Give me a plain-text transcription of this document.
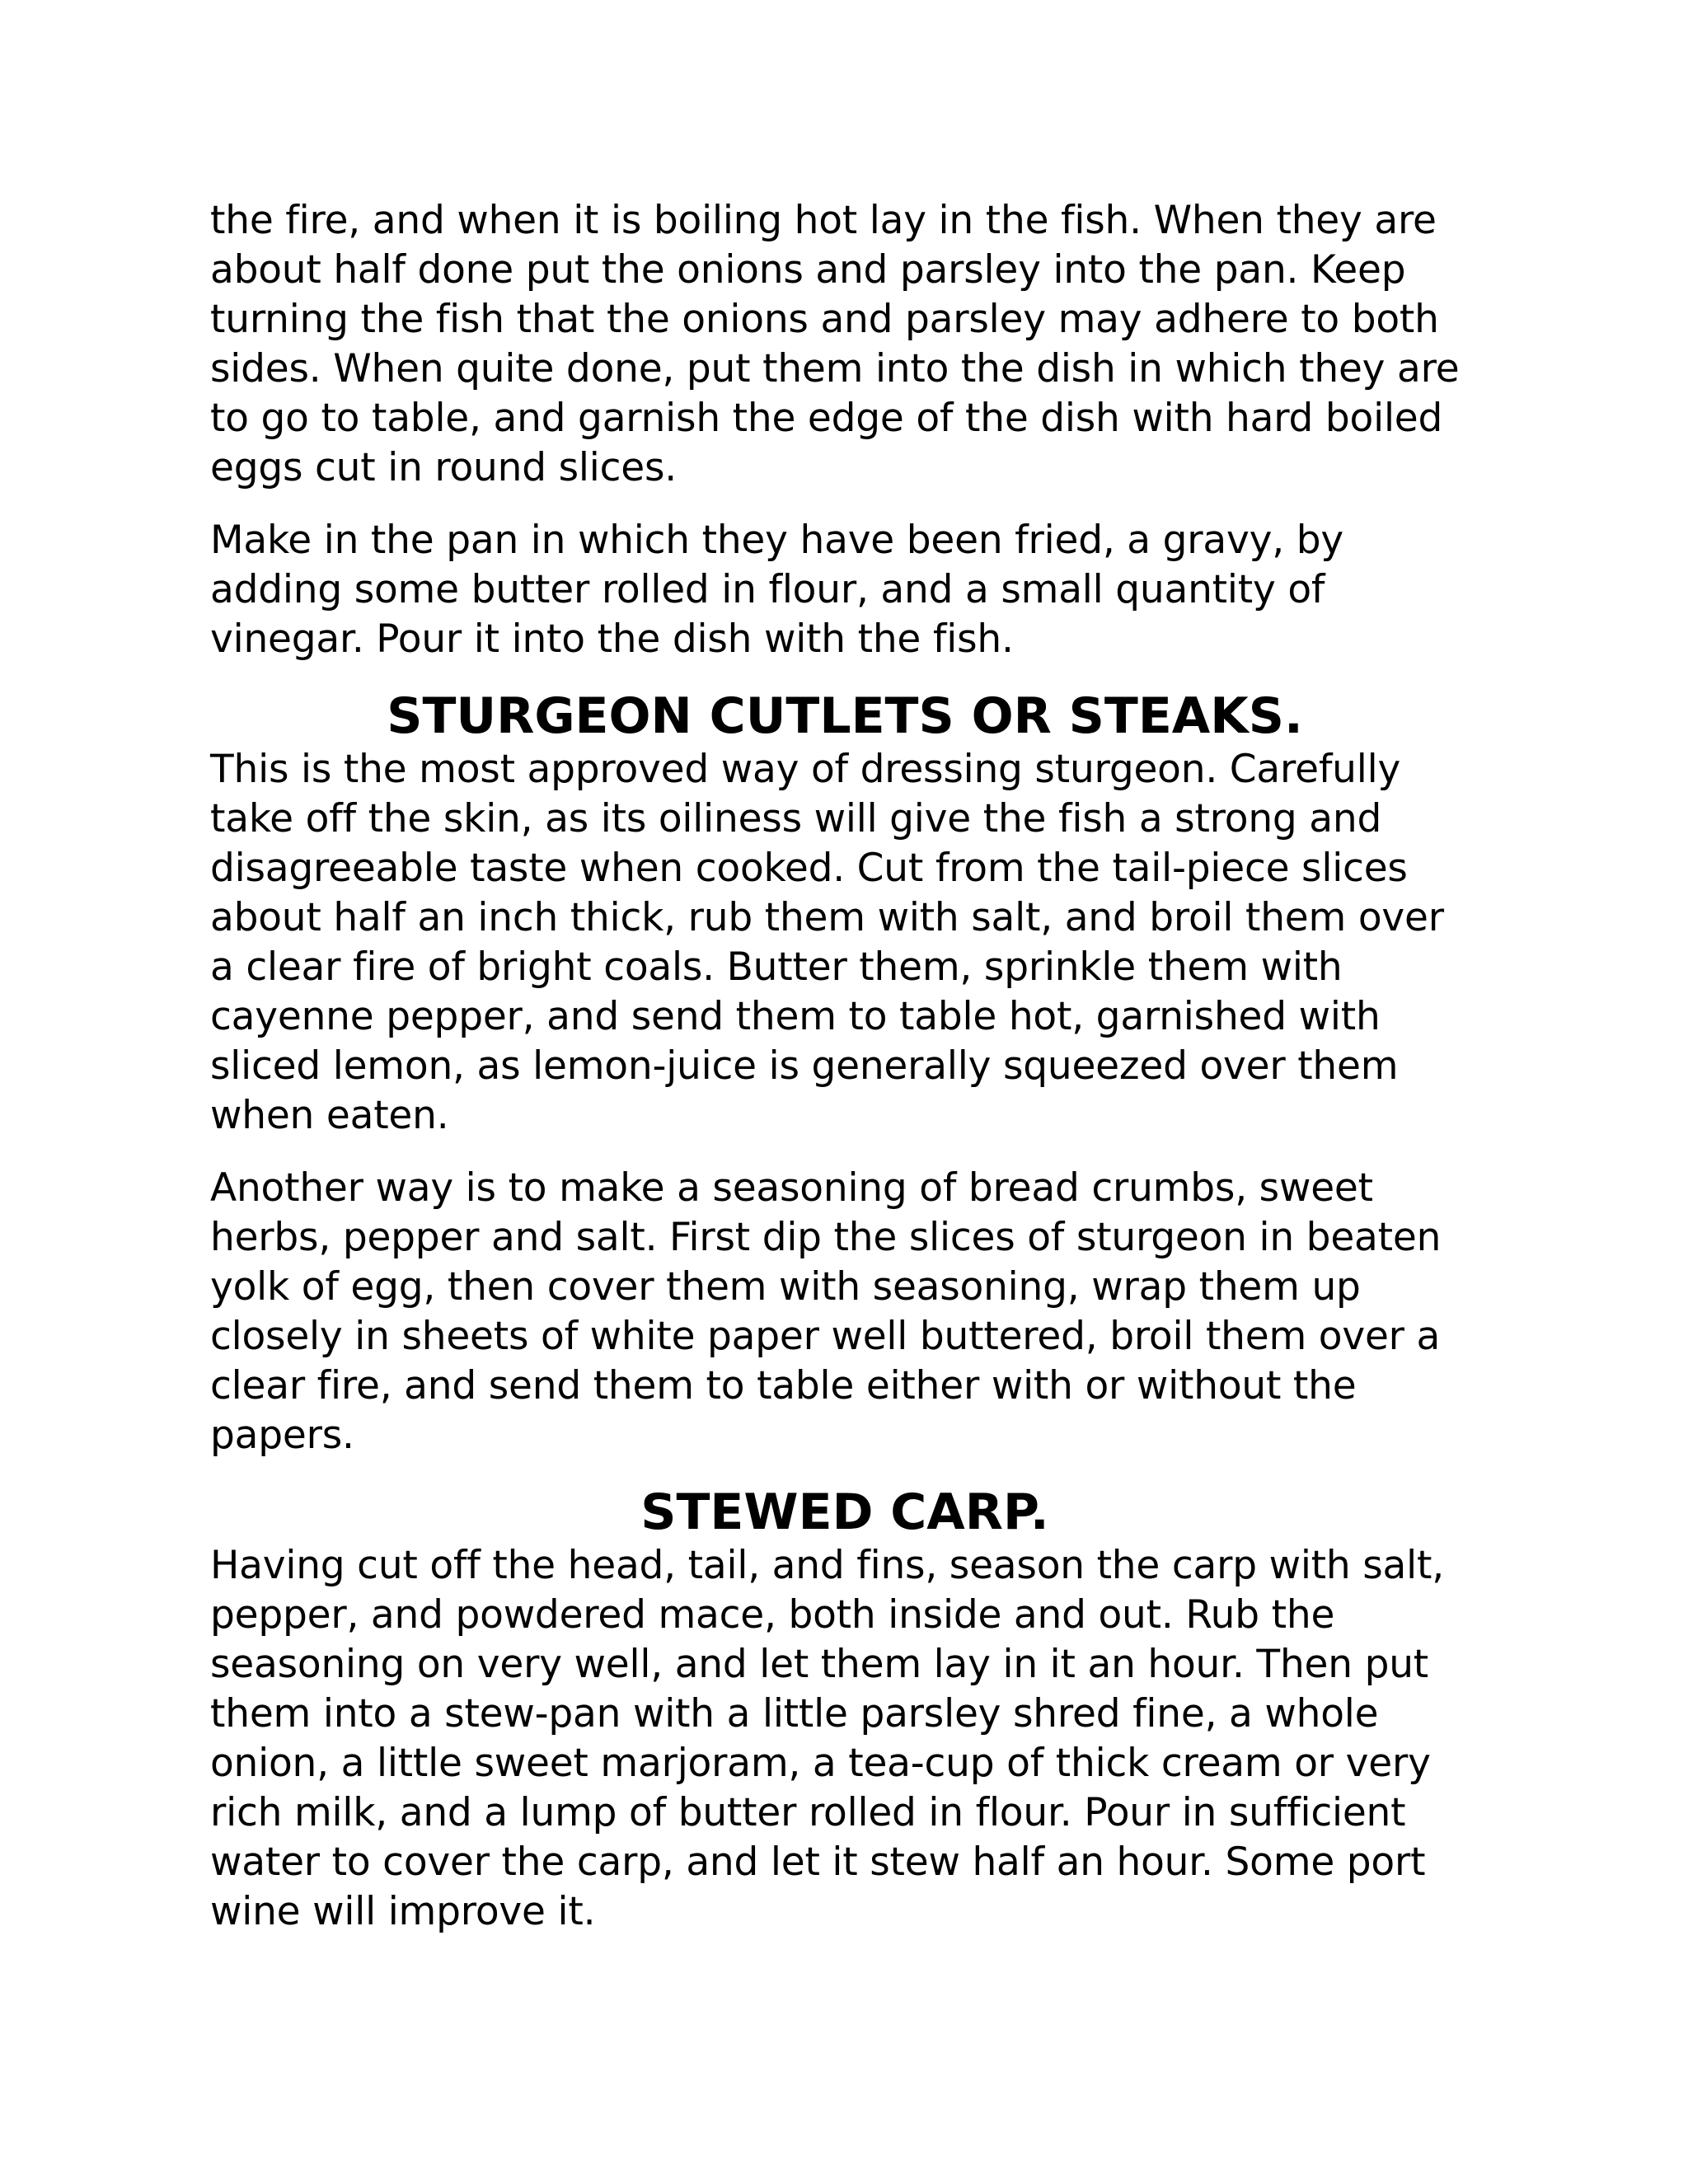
the fire, and when it is boiling hot lay in the fish. When they are about half done put the onions and parsley into the pan. Keep turning the fish that the onions and parsley may adhere to both sides. When quite done, put them into the dish in which they are to go to table, and garnish the edge of the dish with hard boiled eggs cut in round slices.

Make in the pan in which they have been fried, a gravy, by adding some butter rolled in flour, and a small quantity of vinegar. Pour it into the dish with the fish.

STURGEON CUTLETS OR STEAKS.

This is the most approved way of dressing sturgeon. Carefully take off the skin, as its oiliness will give the fish a strong and disagreeable taste when cooked. Cut from the tail-piece slices about half an inch thick, rub them with salt, and broil them over a clear fire of bright coals. Butter them, sprinkle them with cayenne pepper, and send them to table hot, garnished with sliced lemon, as lemon-juice is generally squeezed over them when eaten.

Another way is to make a seasoning of bread crumbs, sweet herbs, pepper and salt. First dip the slices of sturgeon in beaten yolk of egg, then cover them with seasoning, wrap them up closely in sheets of white paper well buttered, broil them over a clear fire, and send them to table either with or without the papers.

STEWED CARP.

Having cut off the head, tail, and fins, season the carp with salt, pepper, and powdered mace, both inside and out. Rub the seasoning on very well, and let them lay in it an hour. Then put them into a stew-pan with a little parsley shred fine, a whole onion, a little sweet marjoram, a tea-cup of thick cream or very rich milk, and a lump of butter rolled in flour. Pour in sufficient water to cover the carp, and let it stew half an hour. Some port wine will improve it.
